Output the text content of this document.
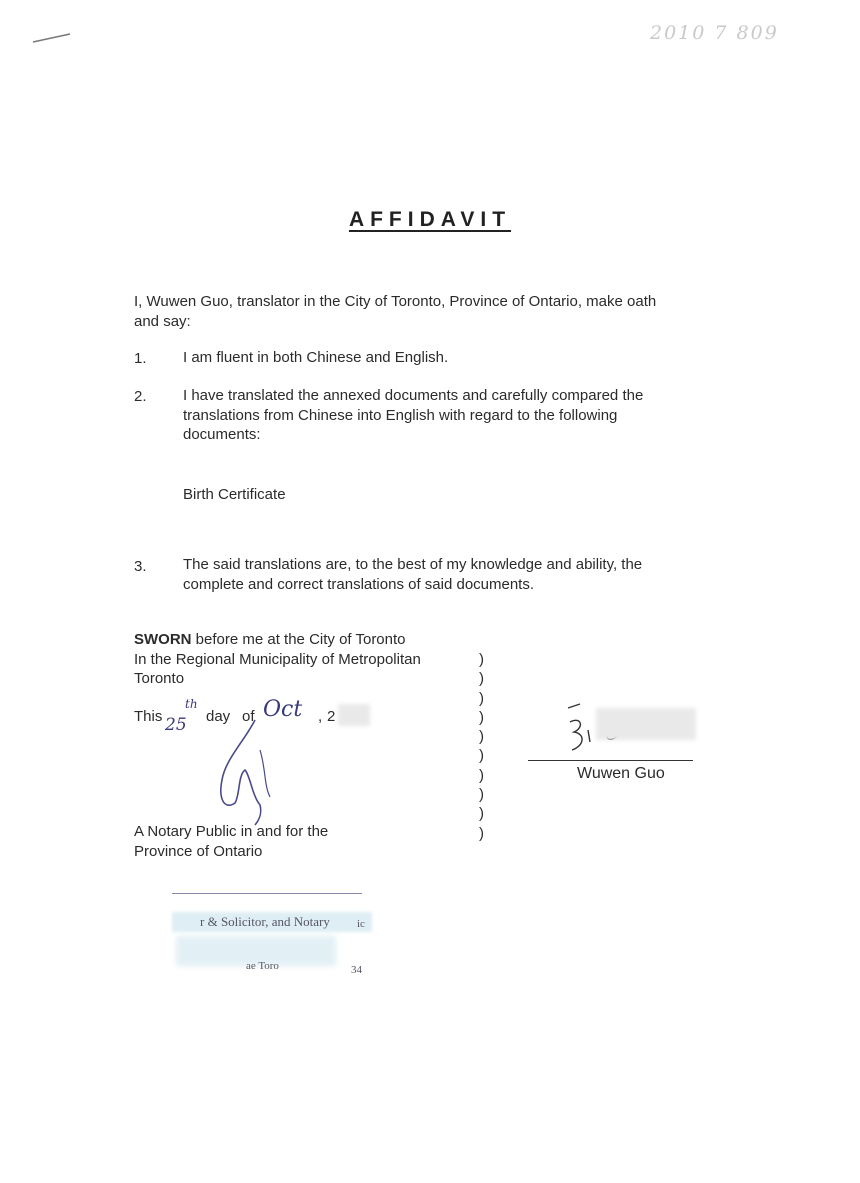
2010 7 809
AFFIDAVIT
I, Wuwen Guo, translator in the City of Toronto, Province of Ontario, make oath
and say:
1. I am fluent in both Chinese and English.
2. I have translated the annexed documents and carefully compared the
translations from Chinese into English with regard to the following
documents:
Birth Certificate
3. The said translations are, to the best of my knowledge and ability, the
complete and correct translations of said documents.
SWORN before me at the City of Toronto
In the Regional Municipality of Metropolitan
Toronto
This 25
th
day of Oct , 2
A Notary Public in and for the
Province of Ontario
)
)
)
)
)
)
)
)
)
)
Wuwen Guo
r & Solicitor, and Notary ic
ae Toro	34
